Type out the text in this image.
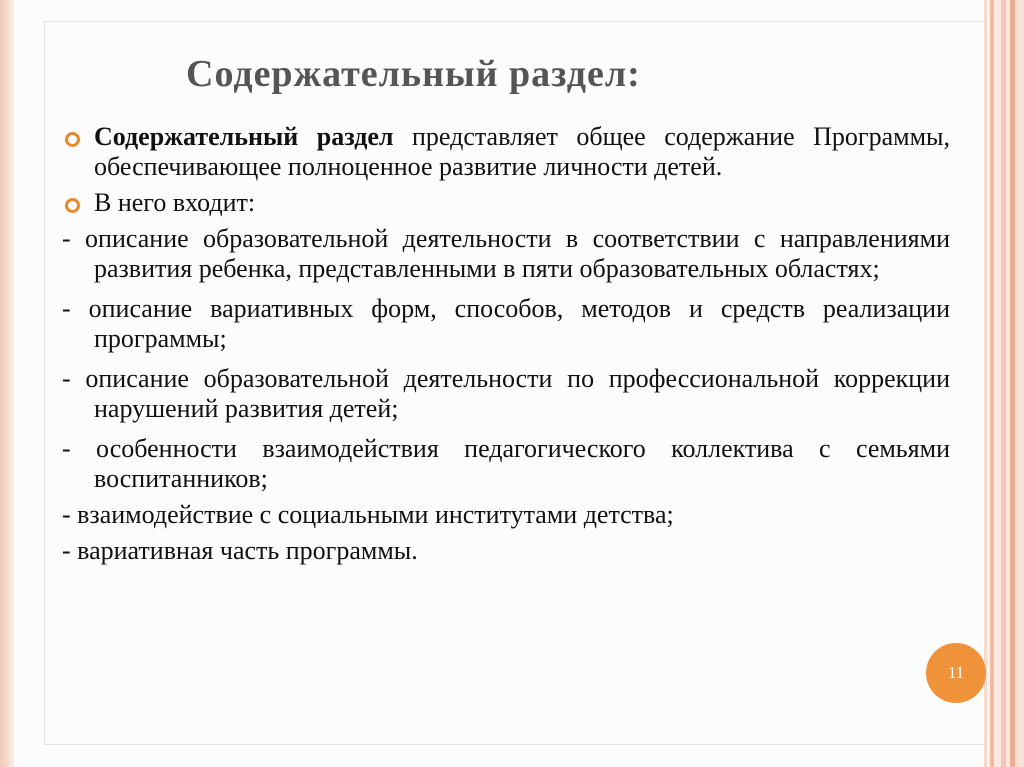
Содержательный раздел:
Содержательный раздел представляет общее содержание Программы, обеспечивающее полноценное развитие личности детей.
В него входит:
- описание образовательной деятельности в соответствии с направлениями развития ребенка, представленными в пяти образовательных областях;
- описание вариативных форм, способов, методов и средств реализации программы;
- описание образовательной деятельности по профессиональной коррекции нарушений развития детей;
- особенности взаимодействия педагогического коллектива с семьями воспитанников;
- взаимодействие с социальными институтами детства;
- вариативная часть программы.
11
